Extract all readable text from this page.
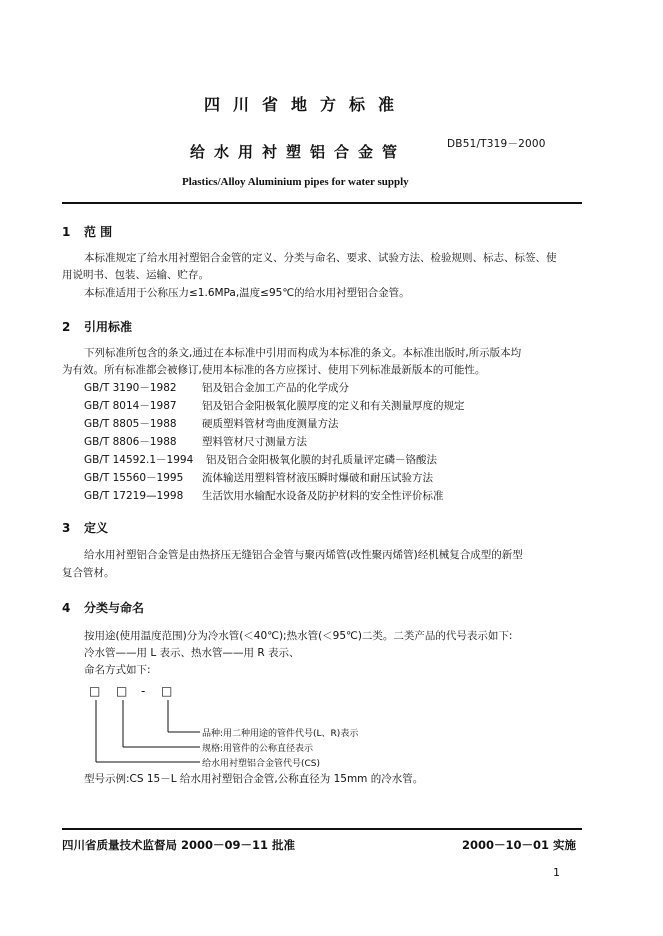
四川省地方标准
给水用衬塑铝合金管	DB51/T319－2000
Plastics/Alloy Aluminium pipes for water supply
1 范 围
本标准规定了给水用衬塑铝合金管的定义、分类与命名、要求、试验方法、检验规则、标志、标签、使
用说明书、包装、运输、贮存。
本标准适用于公称压力≤1.6MPa,温度≤95℃的给水用衬塑铝合金管。
2 引用标准
下列标准所包含的条文,通过在本标准中引用而构成为本标准的条文。本标准出版时,所示版本均
为有效。所有标准都会被修订,使用本标准的各方应探讨、使用下列标准最新版本的可能性。
GB/T 3190－1982 铝及铝合金加工产品的化学成分
GB/T 8014－1987 铝及铝合金阳极氧化膜厚度的定义和有关测量厚度的规定
GB/T 8805－1988 硬质塑料管材弯曲度测量方法
GB/T 8806－1988 塑料管材尺寸测量方法
GB/T 14592.1－1994 铝及铝合金阳极氧化膜的封孔质量评定磷－铬酸法
GB/T 15560－1995 流体输送用塑料管材液压瞬时爆破和耐压试验方法
GB/T 17219—1998 生活饮用水输配水设备及防护材料的安全性评价标准
3 定义
给水用衬塑铝合金管是由热挤压无缝铝合金管与聚丙烯管(改性聚丙烯管)经机械复合成型的新型
复合管材。
4 分类与命名
按用途(使用温度范围)分为冷水管(＜40℃);热水管(＜95℃)二类。二类产品的代号表示如下:
冷水管——用 L 表示、热水管——用 R 表示、
命名方式如下:
□ □ - □
品种:用二种用途的管件代号(L、R)表示
规格:用管件的公称直径表示
给水用衬塑铝合金管代号(CS)
型号示例:CS 15－L 给水用衬塑铝合金管,公称直径为 15mm 的冷水管。
四川省质量技术监督局 2000－09－11 批准	2000－10－01 实施
1
